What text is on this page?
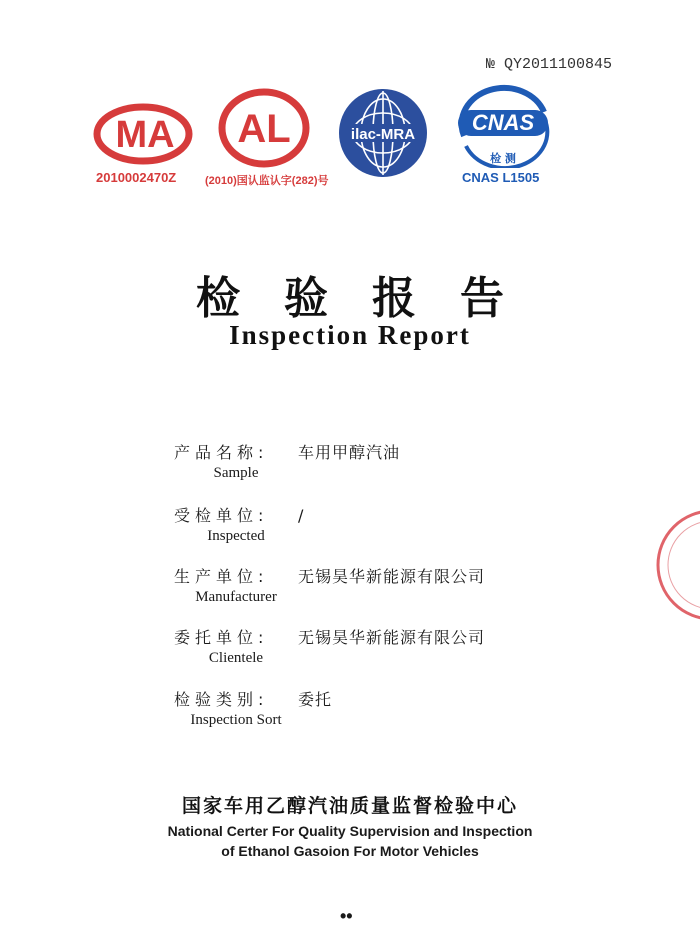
№ QY2011100845
MA
2010002470Z
AL
(2010)国认监认字(282)号
ilac-MRA	CNAS
检 测
CNAS L1505
检验报告
Inspection Report
产品名称: 车用甲醇汽油
Sample
受检单位: /
Inspected
生产单位: 无锡昊华新能源有限公司
Manufacturer
委托单位: 无锡昊华新能源有限公司
Clientele
检验类别: 委托
Inspection Sort
国家车用乙醇汽油质量监督检验中心
National Certer For Quality Supervision and Inspection
of Ethanol Gasoion For Motor Vehicles
••
